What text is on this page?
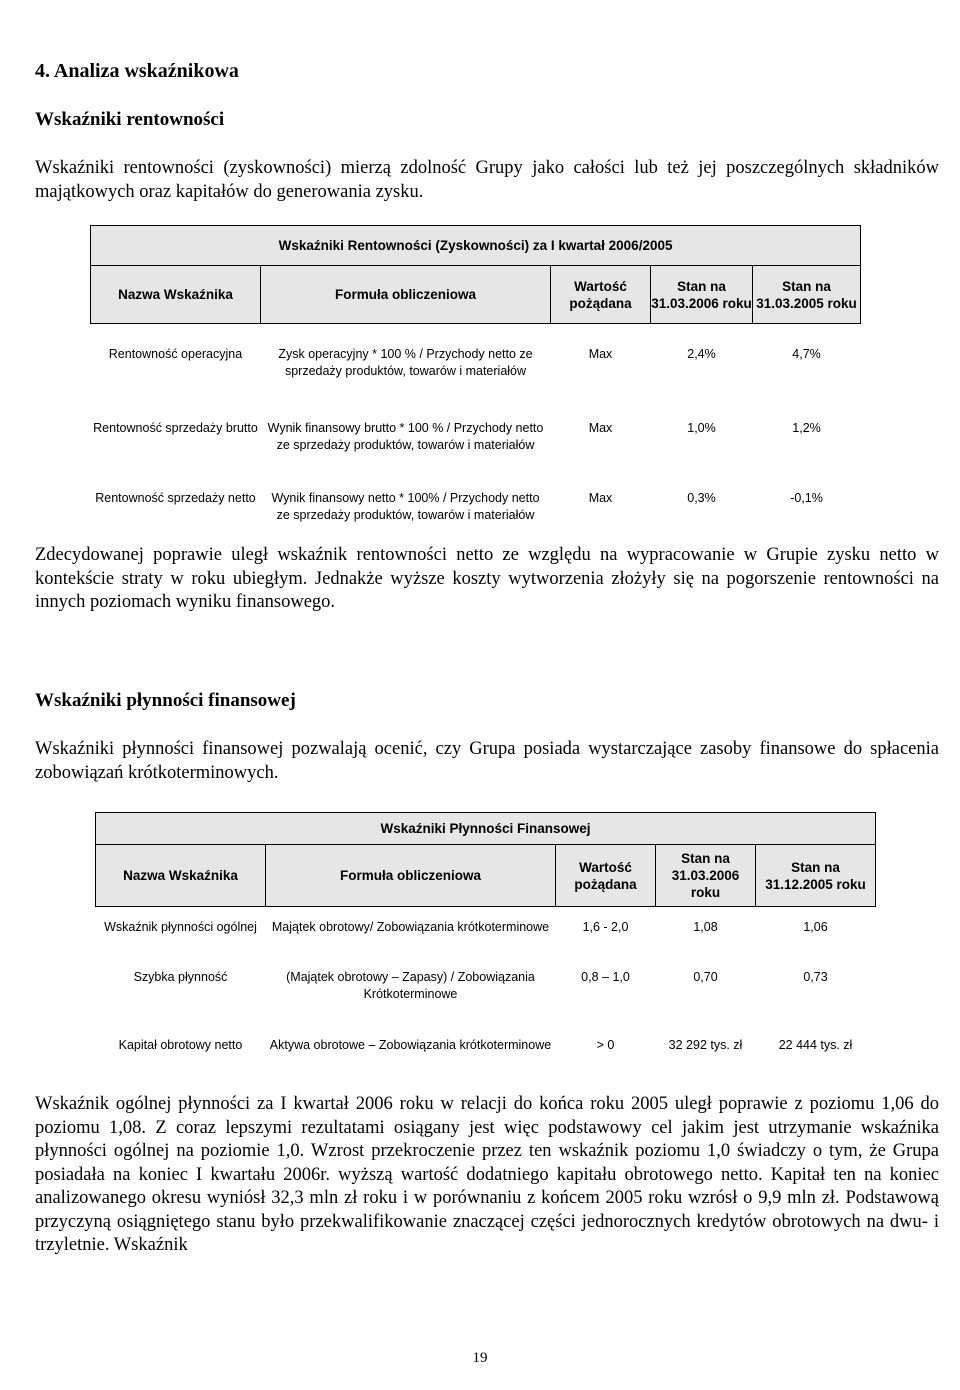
4. Analiza wskaźnikowa
Wskaźniki rentowności

Wskaźniki rentowności (zyskowności) mierzą zdolność Grupy jako całości lub też jej poszczególnych składników majątkowych oraz kapitałów do generowania zysku.

Wskaźniki Rentowności (Zyskowności) za I kwartał 2006/2005				
Nazwa Wskaźnika	Formuła obliczeniowa	Wartość pożądana	Stan na 31.03.2006 roku	Stan na 31.03.2005 roku

Rentowność operacyjna	Zysk operacyjny * 100 % / Przychody netto ze sprzedaży produktów, towarów i materiałów	Max	2,4%	4,7%
Rentowność sprzedaży brutto	Wynik finansowy brutto * 100 % / Przychody netto ze sprzedaży produktów, towarów i materiałów	Max	1,0%	1,2%
Rentowność sprzedaży netto	Wynik finansowy netto * 100% / Przychody netto ze sprzedaży produktów, towarów i materiałów	Max	0,3%	-0,1%

Zdecydowanej poprawie uległ wskaźnik rentowności netto ze względu na wypracowanie w Grupie zysku netto w kontekście straty w roku ubiegłym. Jednakże wyższe koszty wytworzenia złożyły się na pogorszenie rentowności na innych poziomach wyniku finansowego.

Wskaźniki płynności finansowej

Wskaźniki płynności finansowej pozwalają ocenić, czy Grupa posiada wystarczające zasoby finansowe do spłacenia zobowiązań krótkoterminowych.

Wskaźniki Płynności Finansowej				
Nazwa Wskaźnika	Formuła obliczeniowa	Wartość pożądana	Stan na 31.03.2006 roku	Stan na 31.12.2005 roku

Wskaźnik płynności ogólnej	Majątek obrotowy/ Zobowiązania krótkoterminowe	1,6 - 2,0	1,08	1,06
Szybka płynność	(Majątek obrotowy – Zapasy) / Zobowiązania Krótkoterminowe	0,8 – 1,0	0,70	0,73

Kapitał obrotowy netto	Aktywa obrotowe – Zobowiązania krótkoterminowe	> 0	32 292 tys. zł	22 444 tys. zł

Wskaźnik ogólnej płynności za I kwartał 2006 roku w relacji do końca roku 2005 uległ poprawie z poziomu 1,06 do poziomu 1,08. Z coraz lepszymi rezultatami osiągany jest więc podstawowy cel jakim jest utrzymanie wskaźnika płynności ogólnej na poziomie 1,0. Wzrost przekroczenie przez ten wskaźnik poziomu 1,0 świadczy o tym, że Grupa posiadała na koniec I kwartału 2006r. wyższą wartość dodatniego kapitału obrotowego netto. Kapitał ten na koniec analizowanego okresu wyniósł 32,3 mln zł roku i w porównaniu z końcem 2005 roku wzrósł o 9,9 mln zł. Podstawową przyczyną osiągniętego stanu było przekwalifikowanie znaczącej części jednorocznych kredytów obrotowych na dwu- i trzyletnie. Wskaźnik

19
